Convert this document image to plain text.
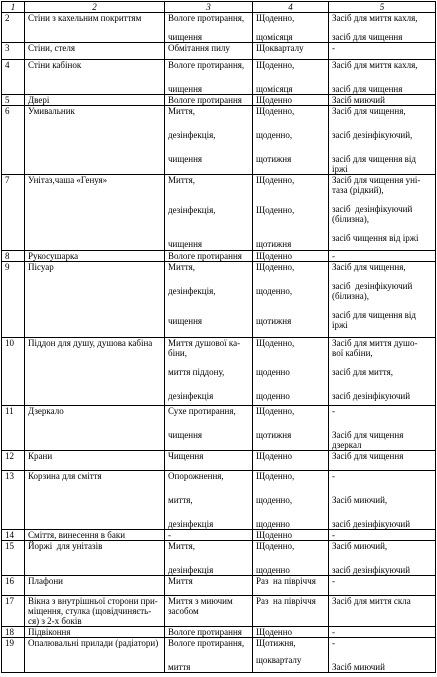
1	2	3	4	5
2	Стіни з кахельним покриттям	Вологе протирання,
чищення	Щоденно,
щомісяця	Засіб для миття кахля,
засіб для чищення

3	Стіни, стеля	Обмітання пилу	Щокварталу	-

4	Стіни кабінок	Вологе протирання,
чищення	Щоденно,
щомісяця	Засіб для миття кахля,
засіб для чищення

5	Двері	Вологе протирання	Щоденно	Засіб миючий

6	Умивальник	Миття,
дезінфекція,
чищення	Щоденно,
щоденно,
щотижня	Засіб для чищення,
засіб дезінфікуючий,
засіб для чищення від
іржі

7	Унітаз,чаша «Генуя»	Миття,
дезінфекція,
чищення	Щоденно,
Щоденно,
щотижня	Засіб для чищення уні-
таза (рідкий),
засіб  дезінфікуючий
(білизна),
засіб чищення від іржі

8	Рукосушарка	Вологе протирання	Щоденно	-

9	Пісуар	Миття,
дезінфекція,
чищення	Щоденно,
щоденно,
щотижня	Засіб для чищення,
засіб  дезінфікуючий
(білизна),
засіб для чищення від
іржі

10	Піддон для душу, душова кабіна	Миття душової ка-
біни,
миття піддону,
дезінфекція	Щоденно,
щоденно
щоденно	Засіб для миття душо-
вої кабіни,
засіб для миття,
засіб дезінфікуючий

11	Дзеркало	Сухе протирання,
чищення	Щоденно,
щотижня	-
Засіб для чищення
дзеркал

12	Крани	Чищення	Щоденно	Засіб для чищення

13	Корзина для сміття	Опорожнення,
миття,
дезінфекція	Щоденно,
щоденно,
щоденно	-
Засіб миючий,
засіб дезінфікуючий

14	Сміття, винесення в баки	-	Щоденно	-

15	Йоржі  для унітазів	Миття,
дезінфекція	Щоденно,
щоденно	Засіб миючий,
засіб дезінфікуючий

16	Плафони	Миття	Раз  на півріччя	-

17	Вікна з внутрішньої сторони при-
міщення, стулка (щовідчиняєть-
ся) з 2-х боків	Миття з миючим
засобом	Раз  на півріччя	Засіб для миття скла

18	Підвіконня	Вологе протирання	Щоденно	-

19	Опалювальні прилади (радіатори)	Вологе протирання,
миття	Щотижня,
щокварталу	-
Засіб миючий
